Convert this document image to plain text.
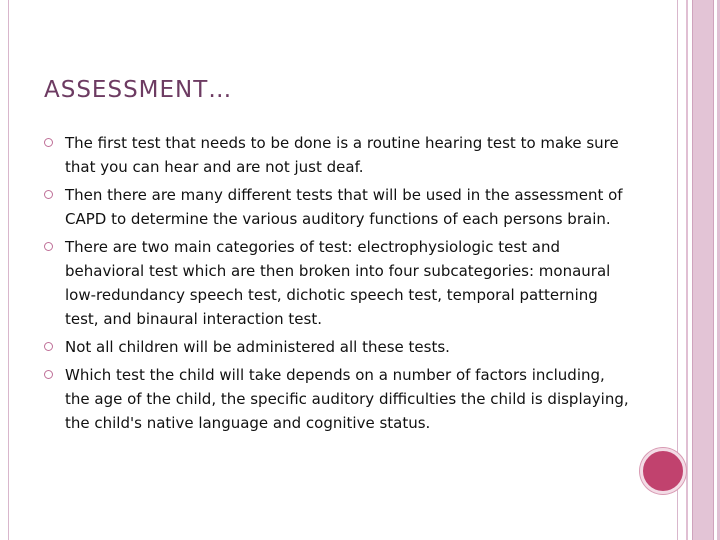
ASSESSMENT…
The first test that needs to be done is a routine hearing test to make sure that you can hear and are not just deaf.
Then there are many different tests that will be used in the assessment of CAPD to determine the various auditory functions of each persons brain.
There are two main categories of test: electrophysiologic test and behavioral test which are then broken into four subcategories: monaural low-redundancy speech test, dichotic speech test, temporal patterning test, and binaural interaction test.
Not all children will be administered all these tests.
Which test the child will take depends on a number of factors including, the age of the child, the specific auditory difficulties the child is displaying, the child's native language and cognitive status.
